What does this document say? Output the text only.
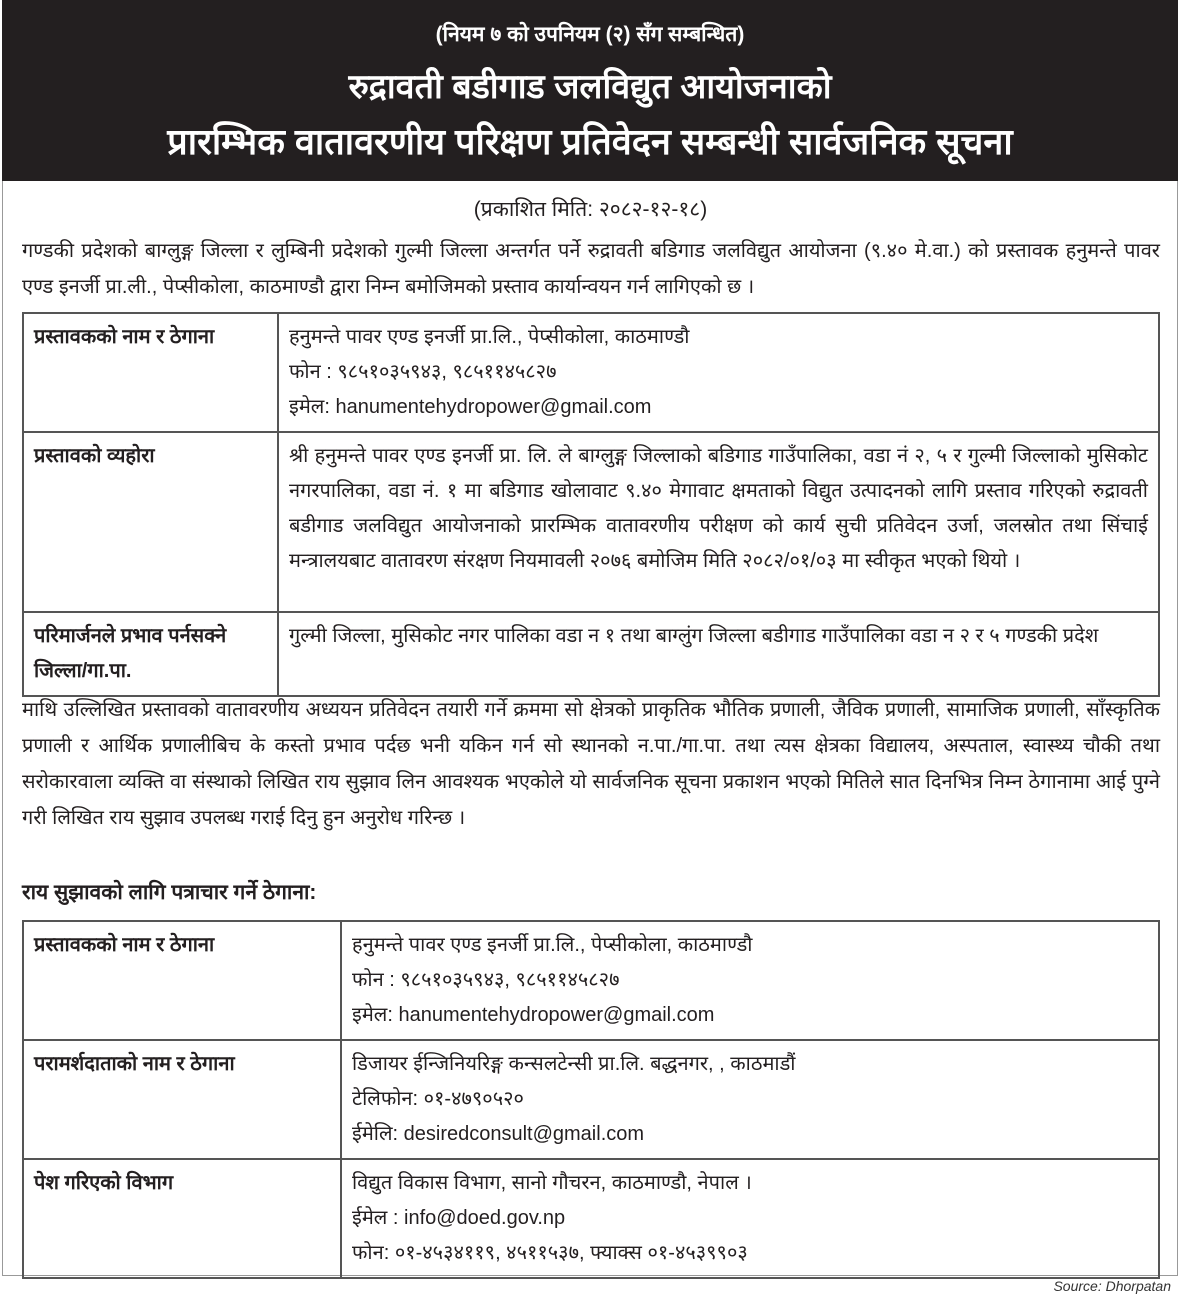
(नियम ७ को उपनियम (२) सँग सम्बन्धित)
रुद्रावती बडीगाड जलविद्युत आयोजनाको
प्रारम्भिक वातावरणीय परिक्षण प्रतिवेदन सम्बन्धी सार्वजनिक सूचना
(प्रकाशित मिति: २०८२-१२-१८)
गण्डकी प्रदेशको बाग्लुङ्ग जिल्ला र लुम्बिनी प्रदेशको गुल्मी जिल्ला अन्तर्गत पर्ने रुद्रावती बडिगाड जलविद्युत आयोजना (९.४० मे.वा.) को प्रस्तावक हनुमन्ते पावर एण्ड इनर्जी प्रा.ली., पेप्सीकोला, काठमाण्डौ द्वारा निम्न बमोजिमको प्रस्ताव कार्यान्वयन गर्न लागिएको छ ।
प्रस्तावकको नाम र ठेगाना	हनुमन्ते पावर एण्ड इनर्जी प्रा.लि., पेप्सीकोला, काठमाण्डौ
फोन : ९८५१०३५९४३, ९८५११४५८२७
इमेल: hanumentehydropower@gmail.com

प्रस्तावको व्यहोरा	श्री हनुमन्ते पावर एण्ड इनर्जी प्रा. लि. ले बाग्लुङ्ग जिल्लाको बडिगाड गाउँपालिका, वडा नं २, ५ र गुल्मी जिल्लाको मुसिकोट नगरपालिका, वडा नं. १ मा बडिगाड खोलावाट ९.४० मेगावाट क्षमताको विद्युत उत्पादनको लागि प्रस्ताव गरिएको रुद्रावती बडीगाड जलविद्युत आयोजनाको प्रारम्भिक वातावरणीय परीक्षण को कार्य सुची प्रतिवेदन उर्जा, जलस्रोत तथा सिंचाई मन्त्रालयबाट वातावरण संरक्षण नियमावली २०७६ बमोजिम मिति २०८२/०१/०३ मा स्वीकृत भएको थियो ।
परिमार्जनले प्रभाव पर्नसक्ने जिल्ला/गा.पा.	गुल्मी जिल्ला, मुसिकोट नगर पालिका वडा न १ तथा बाग्लुंग जिल्ला बडीगाड गाउँपालिका वडा न २ र ५ गण्डकी प्रदेश
माथि उल्लिखित प्रस्तावको वातावरणीय अध्ययन प्रतिवेदन तयारी गर्ने क्रममा सो क्षेत्रको प्राकृतिक भौतिक प्रणाली, जैविक प्रणाली, सामाजिक प्रणाली, साँस्कृतिक प्रणाली र आर्थिक प्रणालीबिच के कस्तो प्रभाव पर्दछ भनी यकिन गर्न सो स्थानको न.पा./गा.पा. तथा त्यस क्षेत्रका विद्यालय, अस्पताल, स्वास्थ्य चौकी तथा सरोकारवाला व्यक्ति वा संस्थाको लिखित राय सुझाव लिन आवश्यक भएकोले यो सार्वजनिक सूचना प्रकाशन भएको मितिले सात दिनभित्र निम्न ठेगानामा आई पुग्ने गरी लिखित राय सुझाव उपलब्ध गराई दिनु हुन अनुरोध गरिन्छ ।
राय सुझावको लागि पत्राचार गर्ने ठेगाना:
प्रस्तावकको नाम र ठेगाना	हनुमन्ते पावर एण्ड इनर्जी प्रा.लि., पेप्सीकोला, काठमाण्डौ
फोन : ९८५१०३५९४३, ९८५११४५८२७
इमेल: hanumentehydropower@gmail.com

परामर्शदाताको नाम र ठेगाना	डिजायर ईन्जिनियरिङ्ग कन्सलटेन्सी प्रा.लि. बद्धनगर, , काठमाडौं
टेलिफोन: ०१-४७९०५२०
ईमेलि: desiredconsult@gmail.com

पेश गरिएको विभाग	विद्युत विकास विभाग, सानो गौचरन, काठमाण्डौ, नेपाल ।
ईमेल : info@doed.gov.np
फोन: ०१-४५३४११९, ४५११५३७, फ्याक्स ०१-४५३९९०३
Source: Dhorpatan
